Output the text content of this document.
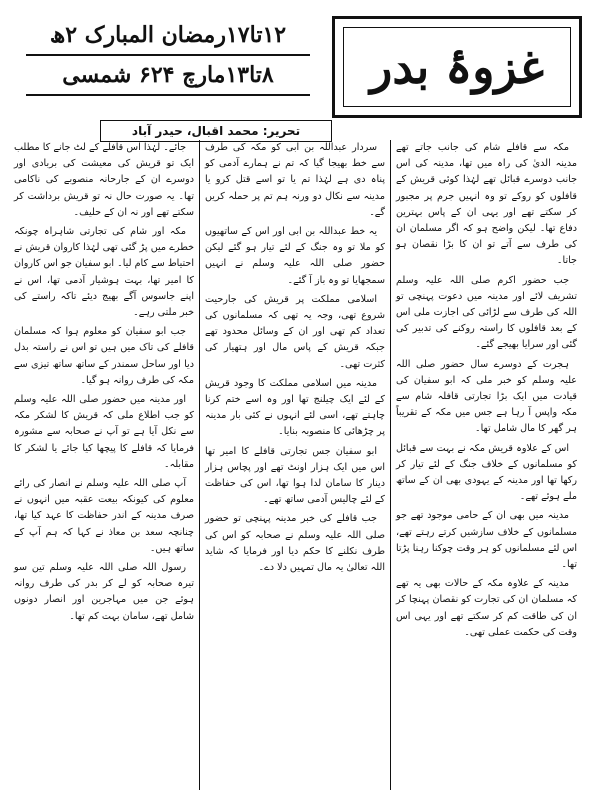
غزوۂ بدر
۱۲تا۱۷رمضان المبارک ۲ھ
۸تا۱۳مارچ ۶۲۴ شمسی
تحریر: محمد اقبال، حیدر آباد

مکہ سے قافلے شام کی جانب جاتے تھے مدینہ الدیٰ کی راہ میں تھا، مدینہ کی اس جانب دوسرے قبائل تھے لہٰذا کوئی قریش کے قافلوں کو روکے تو وہ انہیں جرم پر مجبور کر سکتے تھے اور یہی ان کے پاس بہترین دفاع تھا۔ لیکن واضح ہو کہ اگر مسلمان ان کی طرف سے آتے تو ان کا بڑا نقصان ہو جاتا۔

جب حضور اکرم صلی اللہ علیہ وسلم تشریف لائے اور مدینہ میں دعوت پہنچی تو اللہ کی طرف سے لڑائی کی اجازت ملی اس کے بعد قافلوں کا راستہ روکنے کی تدبیر کی گئی اور سرایا بھیجے گئے۔

ہجرت کے دوسرے سال حضور صلی اللہ علیہ وسلم کو خبر ملی کہ ابو سفیان کی قیادت میں ایک بڑا تجارتی قافلہ شام سے مکہ واپس آ رہا ہے جس میں مکہ کے تقریباً ہر گھر کا مال شامل تھا۔

اس کے علاوہ قریش مکہ نے بہت سے قبائل کو مسلمانوں کے خلاف جنگ کے لئے تیار کر رکھا تھا اور مدینہ کے یہودی بھی ان کے ساتھ ملے ہوئے تھے۔

مدینہ میں بھی ان کے حامی موجود تھے جو مسلمانوں کے خلاف سازشیں کرتے رہتے تھے، اس لئے مسلمانوں کو ہر وقت چوکنا رہنا پڑتا تھا۔

مدینہ کے علاوہ مکہ کے حالات بھی یہ تھے کہ مسلمان ان کی تجارت کو نقصان پہنچا کر ان کی طاقت کم کر سکتے تھے اور یہی اس وقت کی حکمت عملی تھی۔

سردار عبداللہ بن ابی کو مکہ کی طرف سے خط بھیجا گیا کہ تم نے ہمارے آدمی کو پناہ دی ہے لہٰذا تم یا تو اسے قتل کرو یا مدینہ سے نکال دو ورنہ ہم تم پر حملہ کریں گے۔

یہ خط عبداللہ بن ابی اور اس کے ساتھیوں کو ملا تو وہ جنگ کے لئے تیار ہو گئے لیکن حضور صلی اللہ علیہ وسلم نے انہیں سمجھایا تو وہ باز آ گئے۔

اسلامی مملکت پر قریش کی جارحیت شروع تھی، وجہ یہ تھی کہ مسلمانوں کی تعداد کم تھی اور ان کے وسائل محدود تھے جبکہ قریش کے پاس مال اور ہتھیار کی کثرت تھی۔

مدینہ میں اسلامی مملکت کا وجود قریش کے لئے ایک چیلنج تھا اور وہ اسے ختم کرنا چاہتے تھے، اسی لئے انہوں نے کئی بار مدینہ پر چڑھائی کا منصوبہ بنایا۔

ابو سفیان جس تجارتی قافلے کا امیر تھا اس میں ایک ہزار اونٹ تھے اور پچاس ہزار دینار کا سامان لدا ہوا تھا، اس کی حفاظت کے لئے چالیس آدمی ساتھ تھے۔

جب قافلے کی خبر مدینہ پہنچی تو حضور صلی اللہ علیہ وسلم نے صحابہ کو اس کی طرف نکلنے کا حکم دیا اور فرمایا کہ شاید اللہ تعالیٰ یہ مال تمہیں دلا دے۔

جائے۔ لہٰذا اس قافلے کے لٹ جانے کا مطلب ایک تو قریش کی معیشت کی بربادی اور دوسرے ان کے جارحانہ منصوبے کی ناکامی تھا۔ یہ صورت حال نہ تو قریش برداشت کر سکتے تھے اور نہ ان کے حلیف۔

مکہ اور شام کی تجارتی شاہراہ چونکہ خطرے میں پڑ گئی تھی لہٰذا کاروان قریش نے احتیاط سے کام لیا۔ ابو سفیان جو اس کاروان کا امیر تھا، بہت ہوشیار آدمی تھا، اس نے اپنے جاسوس آگے بھیج دیئے تاکہ راستے کی خبر ملتی رہے۔

جب ابو سفیان کو معلوم ہوا کہ مسلمان قافلے کی تاک میں ہیں تو اس نے راستہ بدل دیا اور ساحل سمندر کے ساتھ ساتھ تیزی سے مکہ کی طرف روانہ ہو گیا۔

اور مدینہ میں حضور صلی اللہ علیہ وسلم کو جب اطلاع ملی کہ قریش کا لشکر مکہ سے نکل آیا ہے تو آپ نے صحابہ سے مشورہ فرمایا کہ قافلے کا پیچھا کیا جائے یا لشکر کا مقابلہ۔

آپ صلی اللہ علیہ وسلم نے انصار کی رائے معلوم کی کیونکہ بیعت عقبہ میں انہوں نے صرف مدینہ کے اندر حفاظت کا عہد کیا تھا، چنانچہ سعد بن معاذ نے کہا کہ ہم آپ کے ساتھ ہیں۔

رسول اللہ صلی اللہ علیہ وسلم تین سو تیرہ صحابہ کو لے کر بدر کی طرف روانہ ہوئے جن میں مہاجرین اور انصار دونوں شامل تھے، سامان بہت کم تھا۔
